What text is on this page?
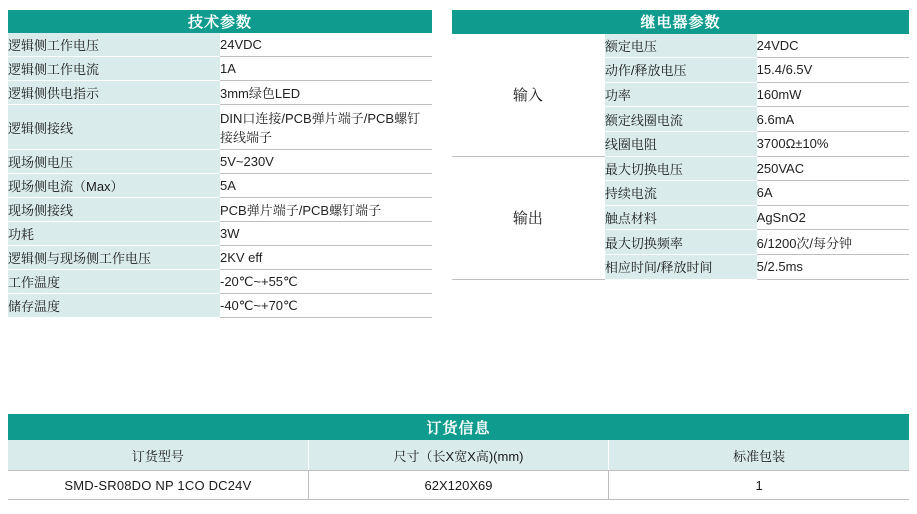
技术参数	
逻辑侧工作电压	24VDC
逻辑侧工作电流	1A
逻辑侧供电指示	3mm绿色LED
逻辑侧接线	DIN口连接/PCB弹片端子/PCB螺钉接线端子
现场侧电压	5V~230V
现场侧电流（Max）	5A
现场侧接线	PCB弹片端子/PCB螺钉端子
功耗	3W
逻辑侧与现场侧工作电压	2KV eff
工作温度	-20℃~+55℃
储存温度	-40℃~+70℃
继电器参数		
输入	额定电压	24VDC
	动作/释放电压	15.4/6.5V
	功率	160mW
	额定线圈电流	6.6mA
	线圈电阻	3700Ω±10%
输出	最大切换电压	250VAC
	持续电流	6A
	触点材料	AgSnO2
	最大切换频率	6/1200次/每分钟
	相应时间/释放时间	5/2.5ms
订货信息		
订货型号	尺寸（长X宽X高)(mm)	标准包装
SMD-SR08DO NP 1CO DC24V	62X120X69	1
